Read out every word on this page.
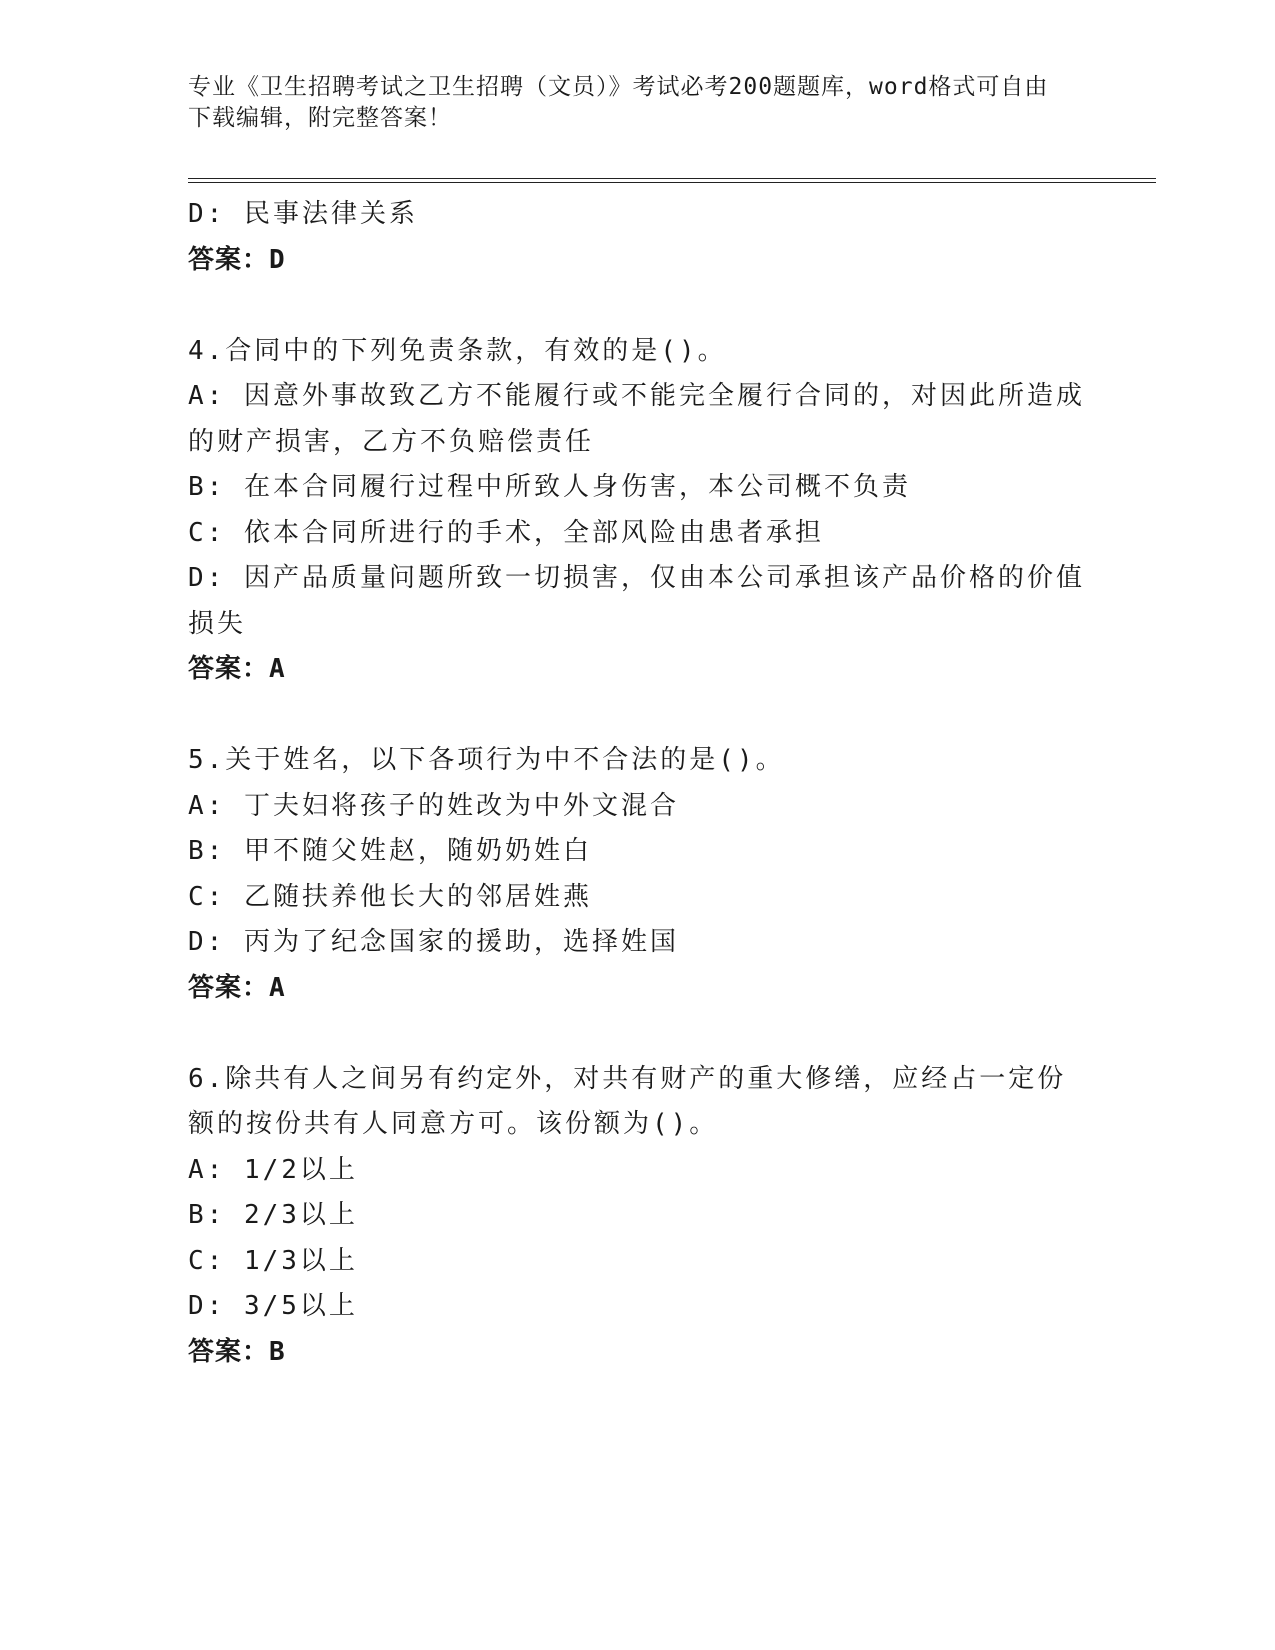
专业《卫生招聘考试之卫生招聘（文员）》考试必考200题题库，word格式可自由下载编辑，附完整答案！

D: 民事法律关系

答案：D

4.合同中的下列免责条款，有效的是()。

A: 因意外事故致乙方不能履行或不能完全履行合同的，对因此所造成

的财产损害，乙方不负赔偿责任

B: 在本合同履行过程中所致人身伤害，本公司概不负责

C: 依本合同所进行的手术，全部风险由患者承担

D: 因产品质量问题所致一切损害，仅由本公司承担该产品价格的价值

损失

答案：A

5.关于姓名，以下各项行为中不合法的是()。

A: 丁夫妇将孩子的姓改为中外文混合

B: 甲不随父姓赵，随奶奶姓白

C: 乙随扶养他长大的邻居姓燕

D: 丙为了纪念国家的援助，选择姓国

答案：A

6.除共有人之间另有约定外，对共有财产的重大修缮，应经占一定份

额的按份共有人同意方可。该份额为()。

A: 1/2以上

B: 2/3以上

C: 1/3以上

D: 3/5以上

答案：B
